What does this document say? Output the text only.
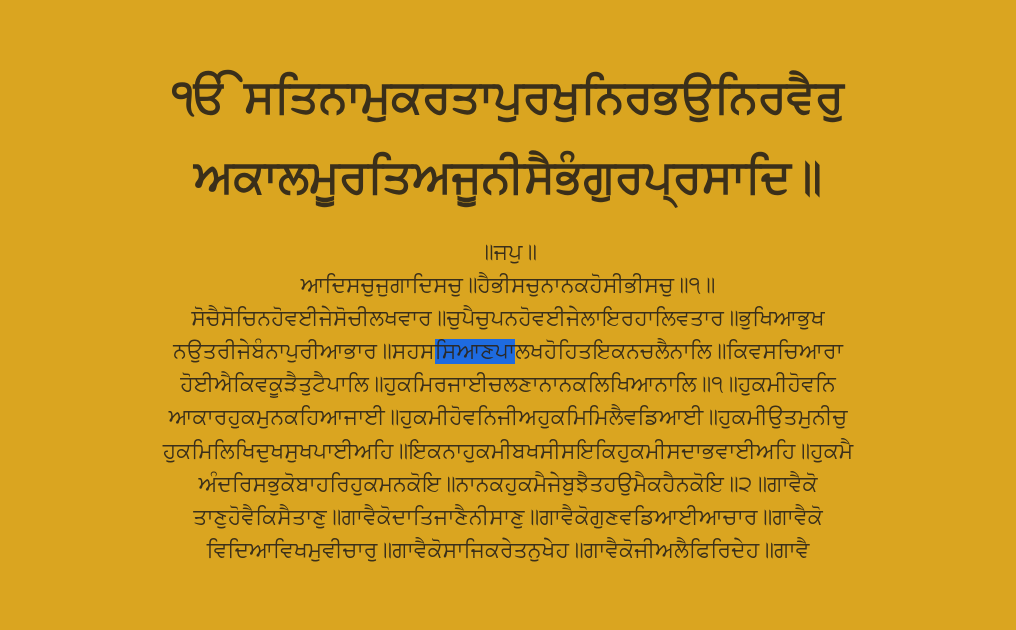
ੴ ਸਤਿਨਾਮੁਕਰਤਾਪੁਰਖੁਨਿਰਭਉਨਿਰਵੈਰੁ

ਅਕਾਲਮੂਰਤਿਅਜੂਨੀਸੈਭੰਗੁਰਪ੍ਰਸਾਦਿ॥

॥ਜਪੁ॥

ਆਦਿਸਚੁਜੁਗਾਦਿਸਚੁ॥ਹੈਭੀਸਚੁਨਾਨਕਹੋਸੀਭੀਸਚੁ॥੧॥

ਸੋਚੈਸੋਚਿਨਹੋਵਈਜੇਸੋਚੀਲਖਵਾਰ॥ਚੁਪੈਚੁਪਨਹੋਵਈਜੇਲਾਇਰਹਾਲਿਵਤਾਰ॥ਭੁਖਿਆਭੁਖ

ਨਉਤਰੀਜੇਬੰਨਾਪੁਰੀਆਭਾਰ॥ਸਹਸਸਿਆਣਪਾਲਖਹੋਹਿਤਇਕਨਚਲੈਨਾਲਿ॥ਕਿਵਸਚਿਆਰਾ

ਹੋਈਐਕਿਵਕੂੜੈਤੁਟੈਪਾਲਿ॥ਹੁਕਮਿਰਜਾਈਚਲਣਾਨਾਨਕਲਿਖਿਆਨਾਲਿ॥੧॥ਹੁਕਮੀਹੋਵਨਿ

ਆਕਾਰਹੁਕਮੁਨਕਹਿਆਜਾਈ॥ਹੁਕਮੀਹੋਵਨਿਜੀਅਹੁਕਮਿਮਿਲੈਵਡਿਆਈ॥ਹੁਕਮੀਉਤਮੁਨੀਚੁ

ਹੁਕਮਿਲਿਖਿਦੁਖਸੁਖਪਾਈਅਹਿ॥ਇਕਨਾਹੁਕਮੀਬਖਸੀਸਇਕਿਹੁਕਮੀਸਦਾਭਵਾਈਅਹਿ॥ਹੁਕਮੈ

ਅੰਦਰਿਸਭੁਕੋਬਾਹਰਿਹੁਕਮਨਕੋਇ॥ਨਾਨਕਹੁਕਮੈਜੇਬੁਝੈਤਹਉਮੈਕਹੈਨਕੋਇ॥੨॥ਗਾਵੈਕੋ

ਤਾਣੁਹੋਵੈਕਿਸੈਤਾਣੁ॥ਗਾਵੈਕੋਦਾਤਿਜਾਣੈਨੀਸਾਣੁ॥ਗਾਵੈਕੋਗੁਣਵਡਿਆਈਆਚਾਰ॥ਗਾਵੈਕੋ

ਵਿਦਿਆਵਿਖਮੁਵੀਚਾਰੁ॥ਗਾਵੈਕੋਸਾਜਿਕਰੇਤਨੁਖੇਹ॥ਗਾਵੈਕੋਜੀਅਲੈਫਿਰਿਦੇਹ॥ਗਾਵੈ
